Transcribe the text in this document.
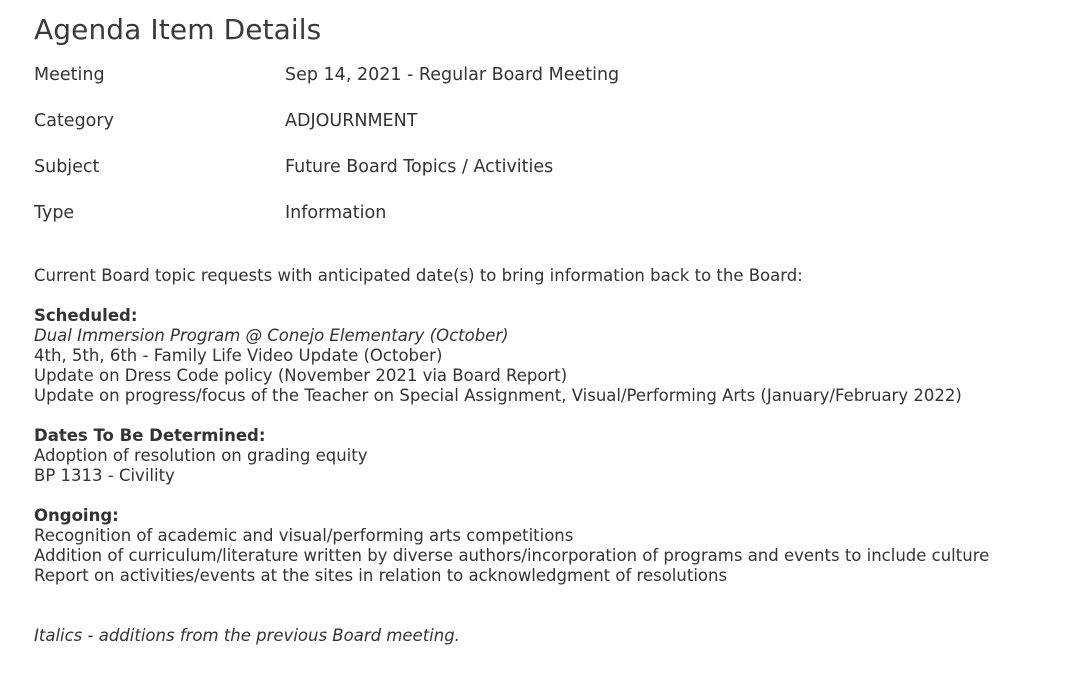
Agenda Item Details
Meeting	Sep 14, 2021 - Regular Board Meeting
Category	ADJOURNMENT
Subject	Future Board Topics / Activities
Type	Information
Current Board topic requests with anticipated date(s) to bring information back to the Board:
Scheduled:
Dual Immersion Program @ Conejo Elementary (October)
4th, 5th, 6th - Family Life Video Update (October)
Update on Dress Code policy (November 2021 via Board Report)
Update on progress/focus of the Teacher on Special Assignment, Visual/Performing Arts (January/February 2022)
Dates To Be Determined:
Adoption of resolution on grading equity
BP 1313 - Civility
Ongoing:
Recognition of academic and visual/performing arts competitions
Addition of curriculum/literature written by diverse authors/incorporation of programs and events to include culture
Report on activities/events at the sites in relation to acknowledgment of resolutions
Italics - additions from the previous Board meeting.
